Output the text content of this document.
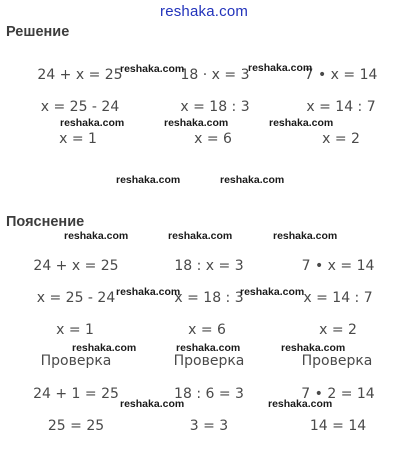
reshaka.com
Решение
24 + x = 25	18 · x = 3	7 • x = 14
x = 25 - 24	x = 18 : 3	x = 14 : 7
x = 1	x = 6	x = 2
Пояснение
24 + x = 25	18 : x = 3	7 • x = 14
x = 25 - 24	x = 18 : 3	x = 14 : 7
x = 1	x = 6	x = 2
Проверка	Проверка	Проверка
24 + 1 = 25	18 : 6 = 3	7 • 2 = 14
25 = 25	3 = 3	14 = 14
reshaka.com	reshaka.com
reshaka.com	reshaka.com	reshaka.com
reshaka.com	reshaka.com
reshaka.com	reshaka.com	reshaka.com
reshaka.com	reshaka.com
reshaka.com	reshaka.com	reshaka.com
reshaka.com	reshaka.com
